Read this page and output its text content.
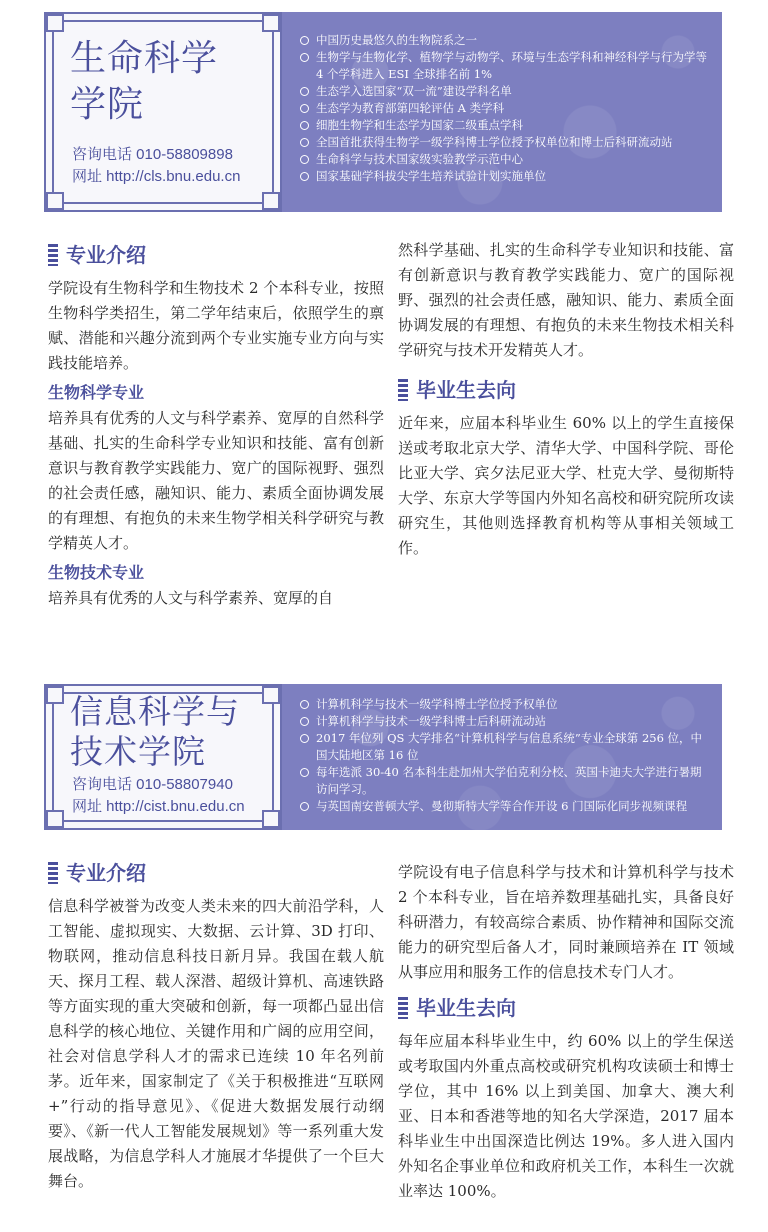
生命科学
学院
咨询电话 010-58809898
网址 http://cls.bnu.edu.cn
中国历史最悠久的生物院系之一
生物学与生物化学、植物学与动物学、环境与生态学科和神经科学与行为学等 4 个学科进入 ESI 全球排名前 1%
生态学入选国家“双一流”建设学科名单
生态学为教育部第四轮评估 A 类学科
细胞生物学和生态学为国家二级重点学科
全国首批获得生物学一级学科博士学位授予权单位和博士后科研流动站
生命科学与技术国家级实验教学示范中心
国家基础学科拔尖学生培养试验计划实施单位
专业介绍

学院设有生物科学和生物技术 2 个本科专业，按照生物科学类招生，第二学年结束后，依照学生的禀赋、潜能和兴趣分流到两个专业实施专业方向与实践技能培养。

生物科学专业

培养具有优秀的人文与科学素养、宽厚的自然科学基础、扎实的生命科学专业知识和技能、富有创新意识与教育教学实践能力、宽广的国际视野、强烈的社会责任感，融知识、能力、素质全面协调发展的有理想、有抱负的未来生物学相关科学研究与教学精英人才。

生物技术专业

培养具有优秀的人文与科学素养、宽厚的自

然科学基础、扎实的生命科学专业知识和技能、富有创新意识与教育教学实践能力、宽广的国际视野、强烈的社会责任感，融知识、能力、素质全面协调发展的有理想、有抱负的未来生物技术相关科学研究与技术开发精英人才。

毕业生去向

近年来，应届本科毕业生 60% 以上的学生直接保送或考取北京大学、清华大学、中国科学院、哥伦比亚大学、宾夕法尼亚大学、杜克大学、曼彻斯特大学、东京大学等国内外知名高校和研究院所攻读研究生，其他则选择教育机构等从事相关领域工作。

信息科学与
技术学院
咨询电话 010-58807940
网址 http://cist.bnu.edu.cn
计算机科学与技术一级学科博士学位授予权单位
计算机科学与技术一级学科博士后科研流动站
2017 年位列 QS 大学排名“计算机科学与信息系统”专业全球第 256 位，中国大陆地区第 16 位
每年选派 30-40 名本科生赴加州大学伯克利分校、英国卡迪夫大学进行暑期访问学习。
与英国南安普顿大学、曼彻斯特大学等合作开设 6 门国际化同步视频课程
专业介绍

信息科学被誉为改变人类未来的四大前沿学科，人工智能、虚拟现实、大数据、云计算、3D 打印、物联网，推动信息科技日新月异。我国在载人航天、探月工程、载人深潜、超级计算机、高速铁路等方面实现的重大突破和创新，每一项都凸显出信息科学的核心地位、关键作用和广阔的应用空间，社会对信息学科人才的需求已连续 10 年名列前茅。近年来，国家制定了《关于积极推进“互联网+”行动的指导意见》、《促进大数据发展行动纲要》、《新一代人工智能发展规划》等一系列重大发展战略，为信息学科人才施展才华提供了一个巨大舞台。

学院设有电子信息科学与技术和计算机科学与技术 2 个本科专业，旨在培养数理基础扎实，具备良好科研潜力，有较高综合素质、协作精神和国际交流能力的研究型后备人才，同时兼顾培养在 IT 领域从事应用和服务工作的信息技术专门人才。

毕业生去向

每年应届本科毕业生中，约 60% 以上的学生保送或考取国内外重点高校或研究机构攻读硕士和博士学位，其中 16% 以上到美国、加拿大、澳大利亚、日本和香港等地的知名大学深造，2017 届本科毕业生中出国深造比例达 19%。多人进入国内外知名企事业单位和政府机关工作，本科生一次就业率达 100%。
